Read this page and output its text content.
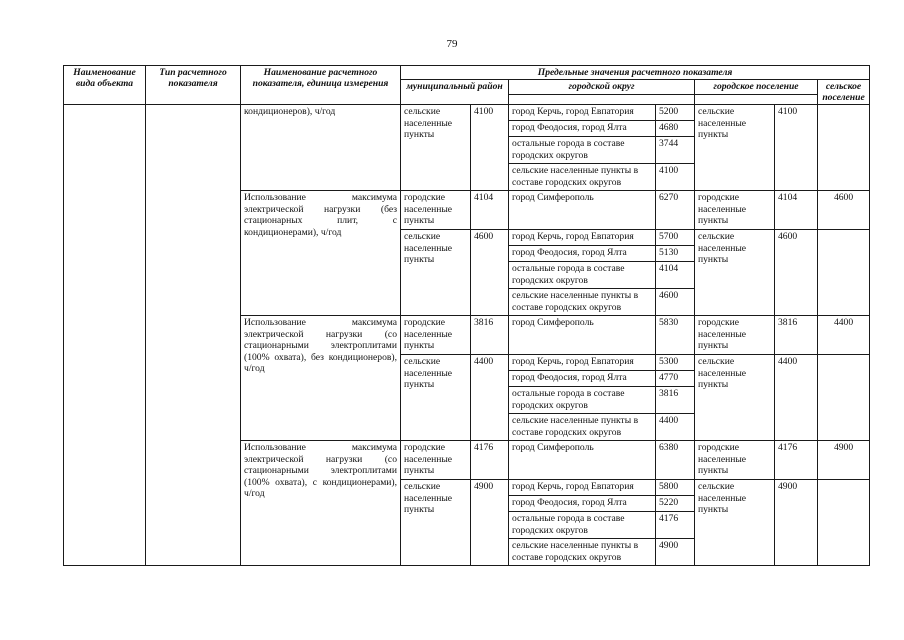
79
Наименование вида объекта	Тип расчетного показателя	Наименование расчетного показателя, единица измерения	Предельные значения расчетного показателя						
			муниципальный район		городской округ		городское поселение		сельское поселение

		кондиционеров), ч/год	сельские населенные пункты	4100	город Керчь, город Евпатория	5200	сельские населенные пункты	4100	
					город Феодосия, город Ялта	4680			
					остальные города в составе городских округов	3744			
					сельские населенные пункты в составе городских округов	4100			
		Использование максимума электрической нагрузки (без стационарных плит, с кондиционерами), ч/год	городские населенные пункты	4104	город Симферополь	6270	городские населенные пункты	4104	4600
			сельские населенные пункты	4600	город Керчь, город Евпатория	5700	сельские населенные пункты	4600	
					город Феодосия, город Ялта	5130			
					остальные города в составе городских округов	4104			
					сельские населенные пункты в составе городских округов	4600			
		Использование максимума электрической нагрузки (со стационарными электроплитами (100% охвата), без кондиционеров), ч/год	городские населенные пункты	3816	город Симферополь	5830	городские населенные пункты	3816	4400
			сельские населенные пункты	4400	город Керчь, город Евпатория	5300	сельские населенные пункты	4400	
					город Феодосия, город Ялта	4770			
					остальные города в составе городских округов	3816			
					сельские населенные пункты в составе городских округов	4400			
		Использование максимума электрической нагрузки (со стационарными электроплитами (100% охвата), с кондиционерами), ч/год	городские населенные пункты	4176	город Симферополь	6380	городские населенные пункты	4176	4900
			сельские населенные пункты	4900	город Керчь, город Евпатория	5800	сельские населенные пункты	4900	
					город Феодосия, город Ялта	5220			
					остальные города в составе городских округов	4176			
					сельские населенные пункты в составе городских округов	4900			
